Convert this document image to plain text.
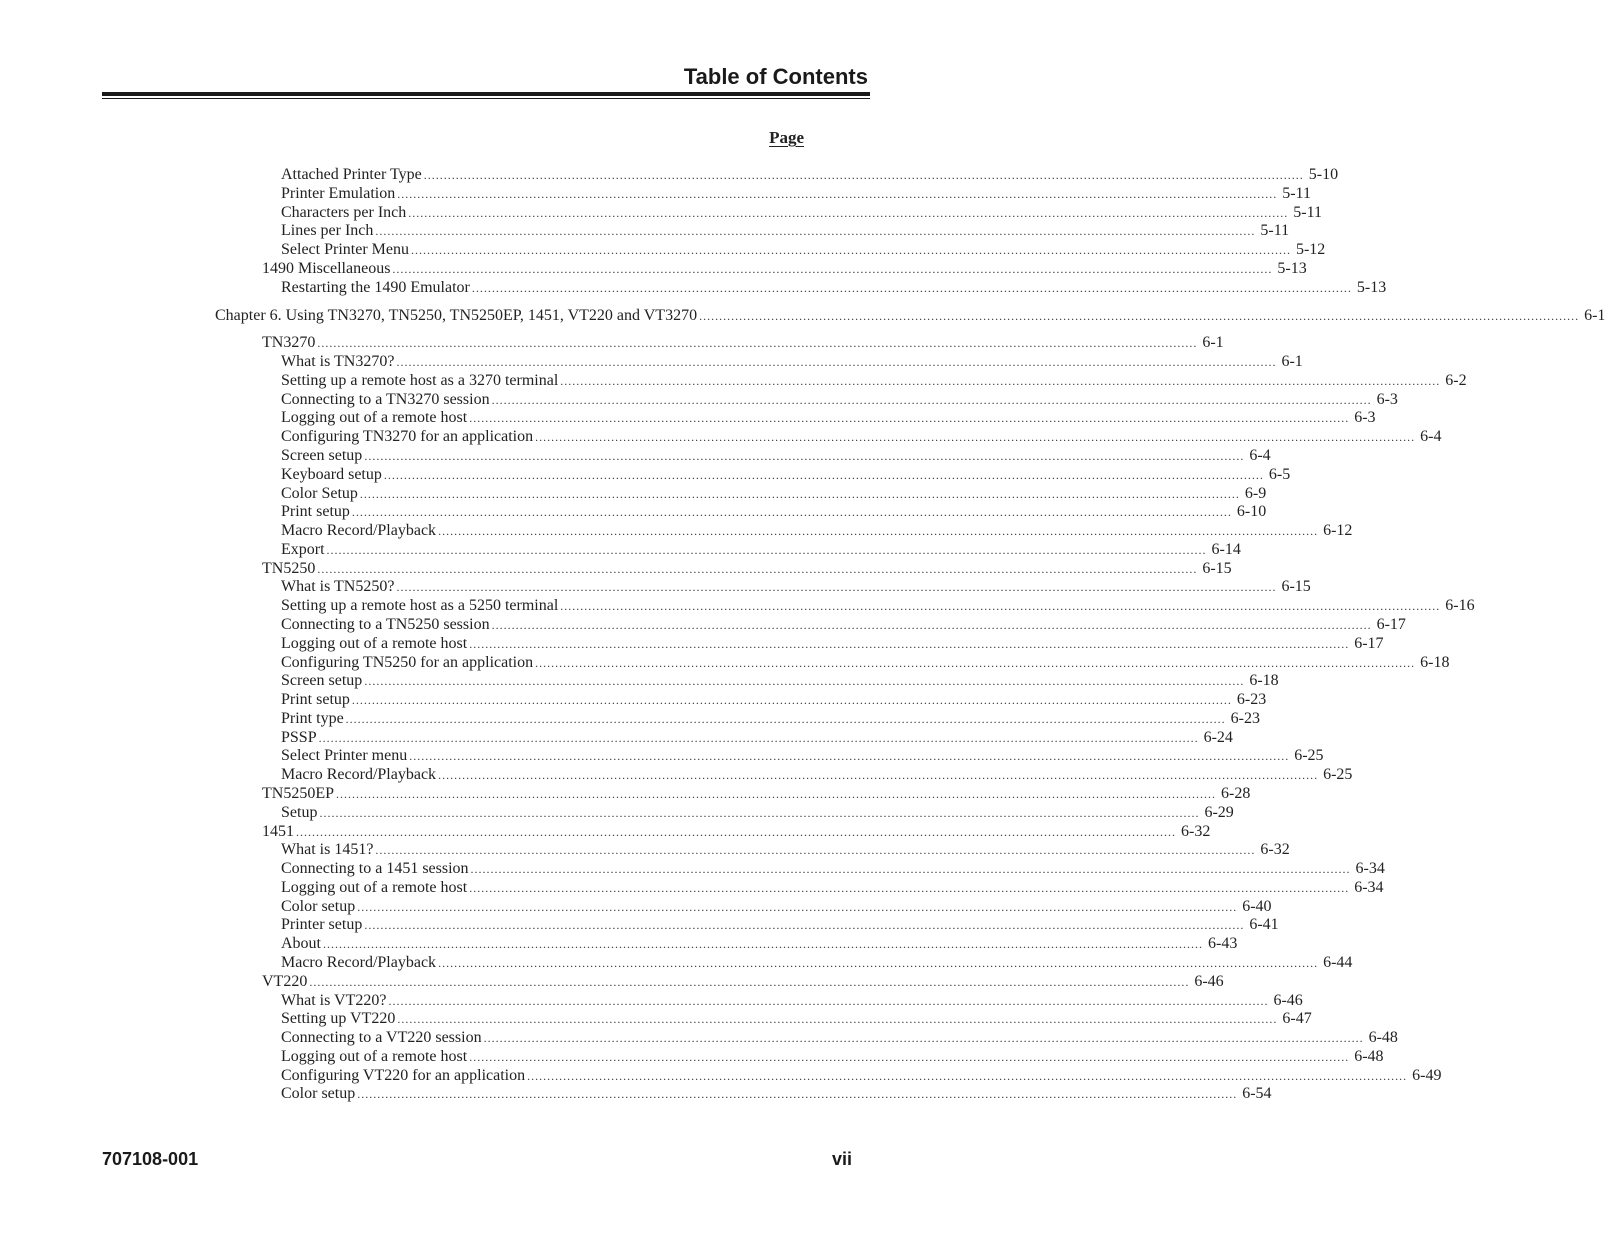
Table of Contents
Page
Attached Printer Type ............................................................................................................................................................................................................................ 5-10
Printer Emulation ............................................................................................................................................................................................................................ 5-11
Characters per Inch ............................................................................................................................................................................................................................ 5-11
Lines per Inch ............................................................................................................................................................................................................................ 5-11
Select Printer Menu ............................................................................................................................................................................................................................ 5-12
1490 Miscellaneous ............................................................................................................................................................................................................................ 5-13
Restarting the 1490 Emulator ............................................................................................................................................................................................................................ 5-13
Chapter 6. Using TN3270, TN5250, TN5250EP, 1451, VT220 and VT3270 ............................................................................................................................................................................................................................ 6-1
TN3270 ............................................................................................................................................................................................................................ 6-1
What is TN3270? ............................................................................................................................................................................................................................ 6-1
Setting up a remote host as a 3270 terminal ............................................................................................................................................................................................................................ 6-2
Connecting to a TN3270 session ............................................................................................................................................................................................................................ 6-3
Logging out of a remote host ............................................................................................................................................................................................................................ 6-3
Configuring TN3270 for an application ............................................................................................................................................................................................................................ 6-4
Screen setup ............................................................................................................................................................................................................................ 6-4
Keyboard setup ............................................................................................................................................................................................................................ 6-5
Color Setup ............................................................................................................................................................................................................................ 6-9
Print setup ............................................................................................................................................................................................................................ 6-10
Macro Record/Playback ............................................................................................................................................................................................................................ 6-12
Export ............................................................................................................................................................................................................................ 6-14
TN5250 ............................................................................................................................................................................................................................ 6-15
What is TN5250? ............................................................................................................................................................................................................................ 6-15
Setting up a remote host as a 5250 terminal ............................................................................................................................................................................................................................ 6-16
Connecting to a TN5250 session ............................................................................................................................................................................................................................ 6-17
Logging out of a remote host ............................................................................................................................................................................................................................ 6-17
Configuring TN5250 for an application ............................................................................................................................................................................................................................ 6-18
Screen setup ............................................................................................................................................................................................................................ 6-18
Print setup ............................................................................................................................................................................................................................ 6-23
Print type ............................................................................................................................................................................................................................ 6-23
PSSP ............................................................................................................................................................................................................................ 6-24
Select Printer menu ............................................................................................................................................................................................................................ 6-25
Macro Record/Playback ............................................................................................................................................................................................................................ 6-25
TN5250EP ............................................................................................................................................................................................................................ 6-28
Setup ............................................................................................................................................................................................................................ 6-29
1451 ............................................................................................................................................................................................................................ 6-32
What is 1451? ............................................................................................................................................................................................................................ 6-32
Connecting to a 1451 session ............................................................................................................................................................................................................................ 6-34
Logging out of a remote host ............................................................................................................................................................................................................................ 6-34
Color setup ............................................................................................................................................................................................................................ 6-40
Printer setup ............................................................................................................................................................................................................................ 6-41
About ............................................................................................................................................................................................................................ 6-43
Macro Record/Playback ............................................................................................................................................................................................................................ 6-44
VT220 ............................................................................................................................................................................................................................ 6-46
What is VT220? ............................................................................................................................................................................................................................ 6-46
Setting up VT220 ............................................................................................................................................................................................................................ 6-47
Connecting to a VT220 session ............................................................................................................................................................................................................................ 6-48
Logging out of a remote host ............................................................................................................................................................................................................................ 6-48
Configuring VT220 for an application ............................................................................................................................................................................................................................ 6-49
Color setup ............................................................................................................................................................................................................................ 6-54
707108-001	vii
